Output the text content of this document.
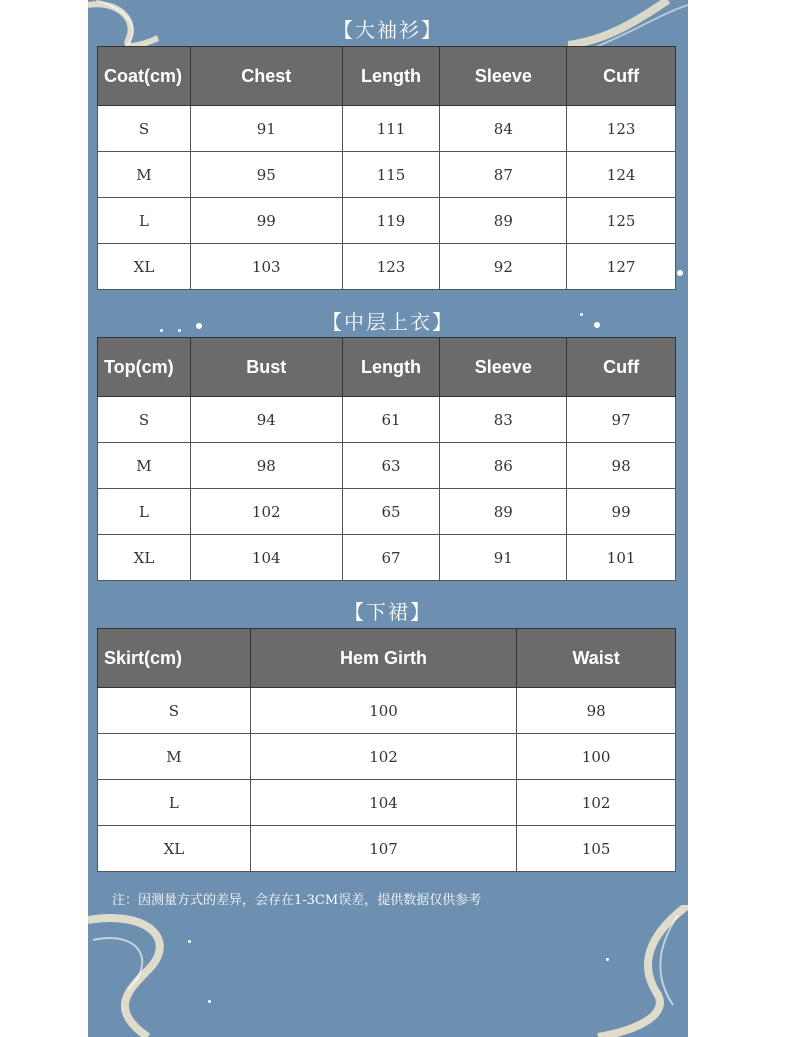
【大袖衫】
Coat(cm)	Chest	Length	Sleeve	Cuff
S	91	111	84	123
M	95	115	87	124
L	99	119	89	125
XL	103	123	92	127
【中层上衣】
Top(cm)	Bust	Length	Sleeve	Cuff
S	94	61	83	97
M	98	63	86	98
L	102	65	89	99
XL	104	67	91	101
【下裙】
Skirt(cm)	Hem Girth	Waist
S	100	98
M	102	100
L	104	102
XL	107	105
注：因测量方式的差异，会存在1-3CM误差，提供数据仅供参考
